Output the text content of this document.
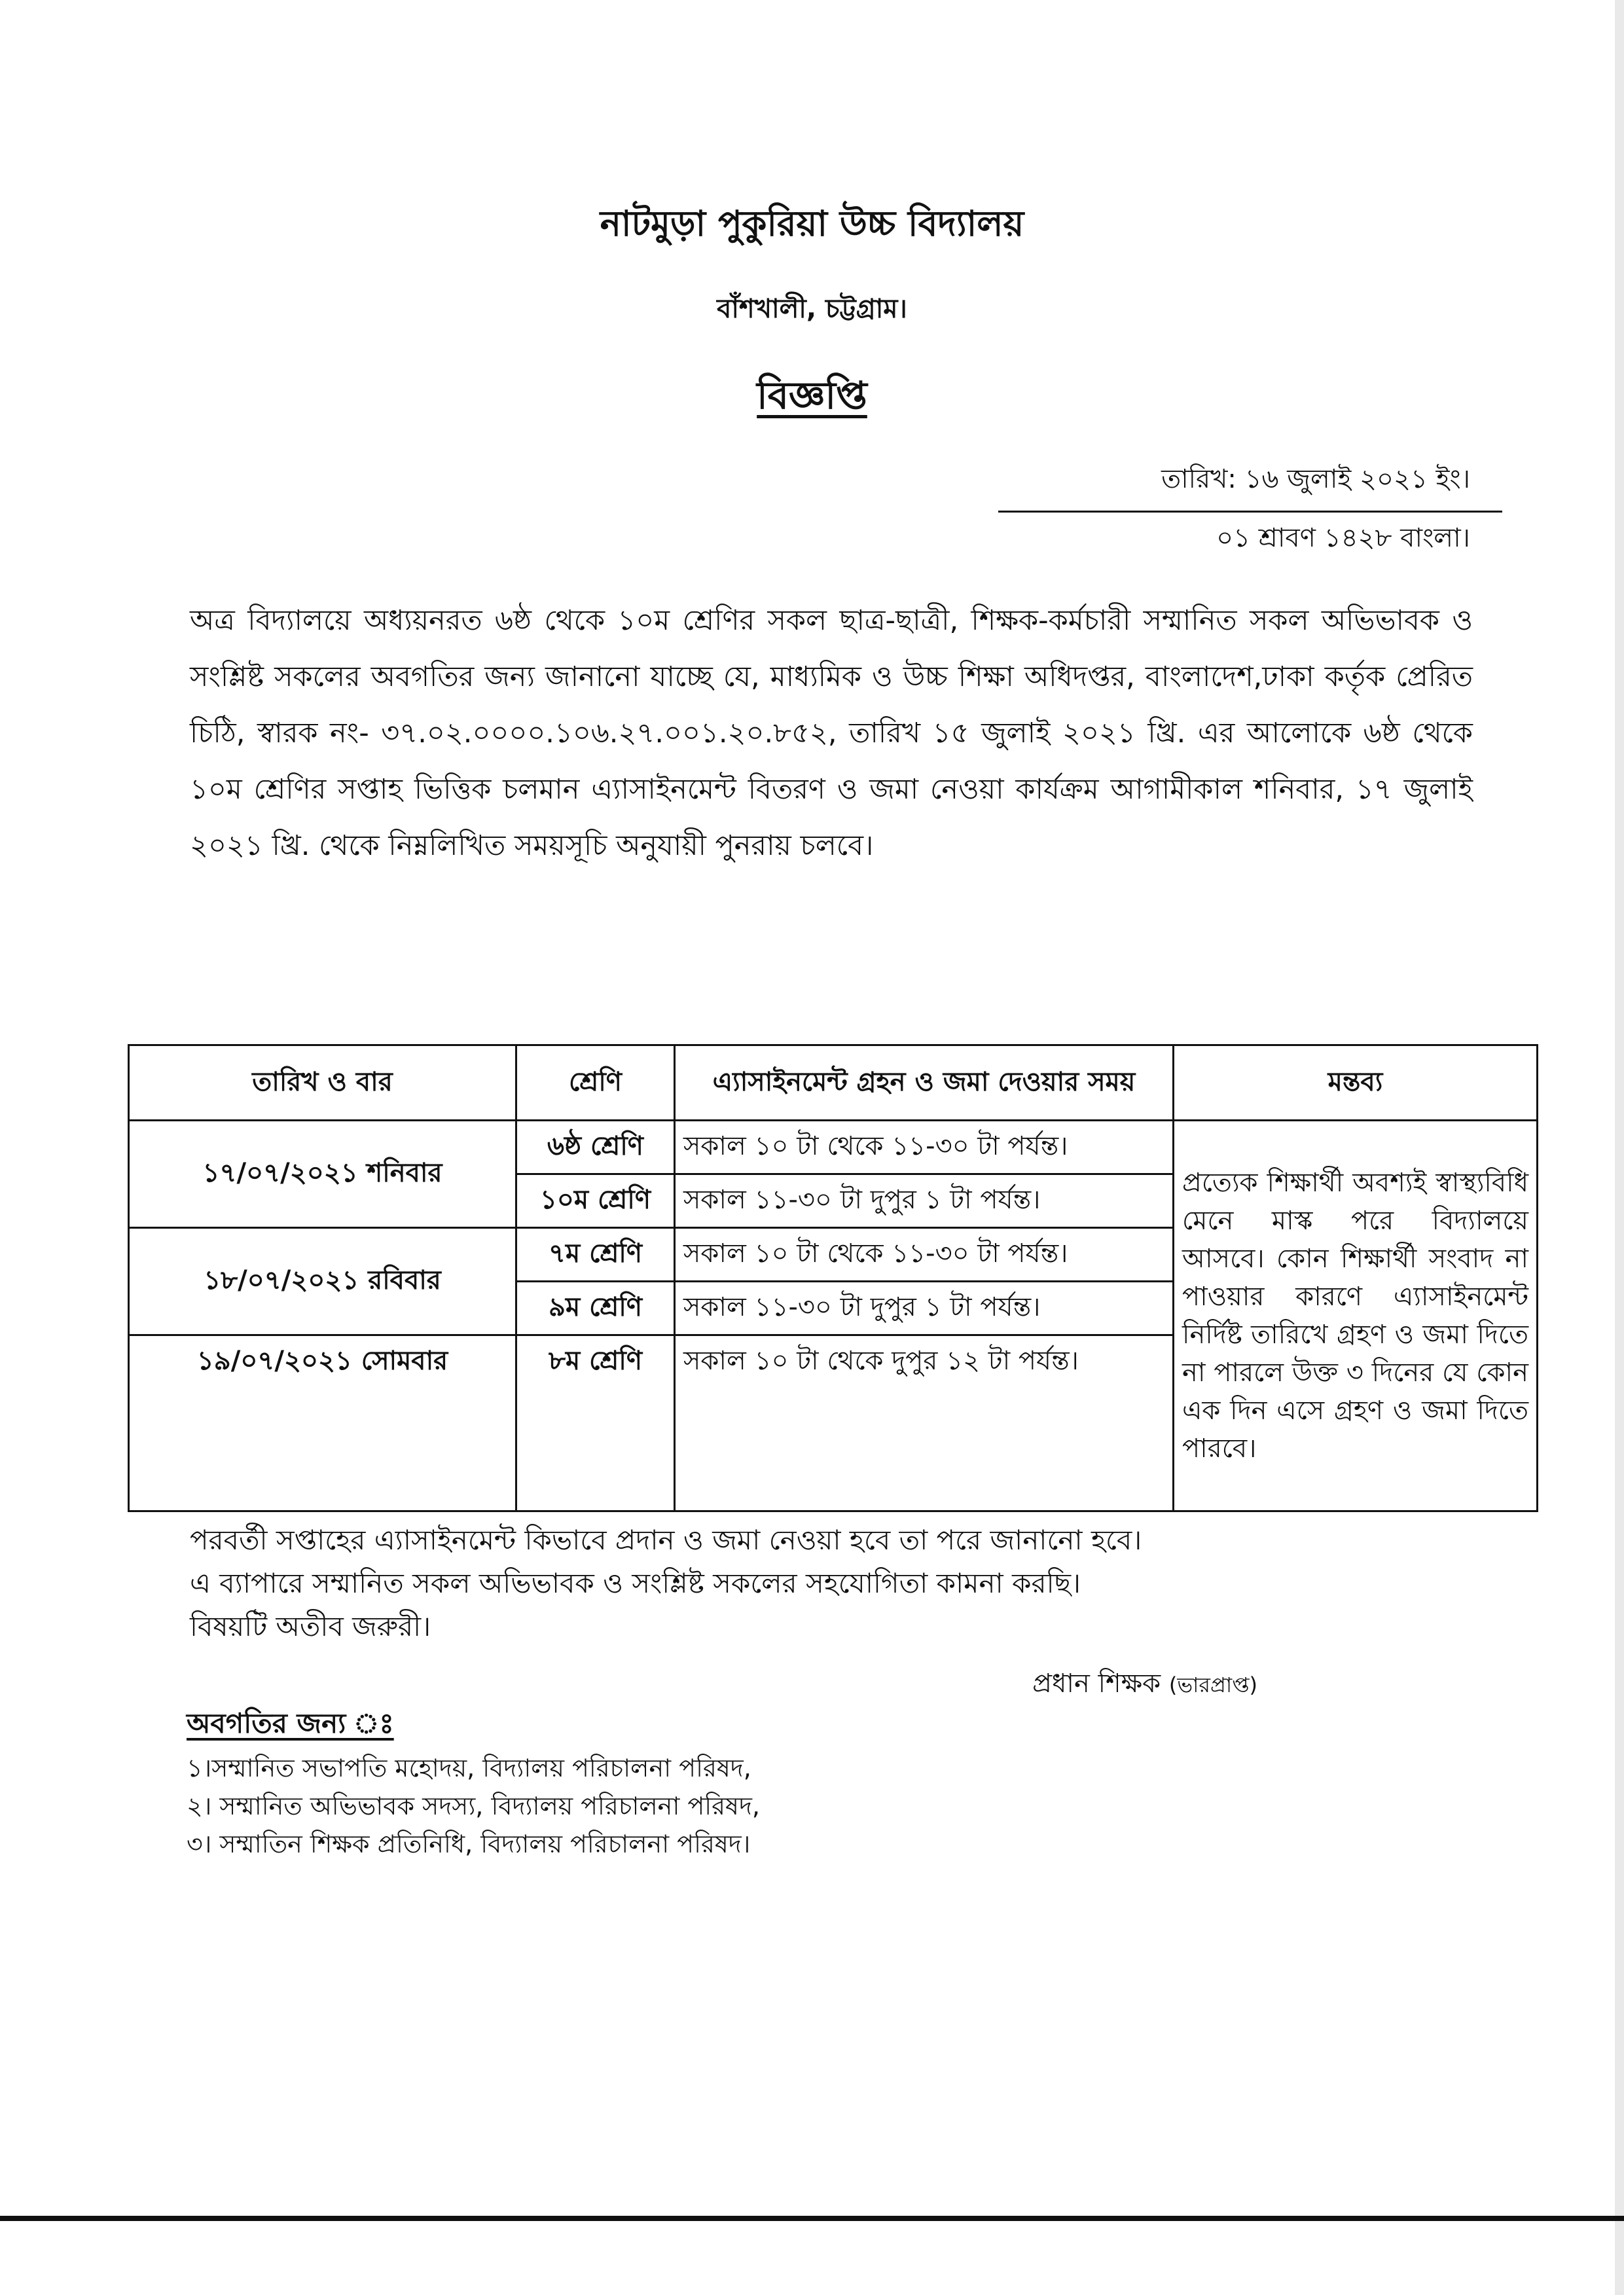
নাটমুড়া পুকুরিয়া উচ্চ বিদ্যালয়
বাঁশখালী, চট্টগ্রাম।
বিজ্ঞপ্তি
তারিখ: ১৬ জুলাই ২০২১ ইং।
০১ শ্রাবণ ১৪২৮ বাংলা।
অত্র বিদ্যালয়ে অধ্যয়নরত ৬ষ্ঠ থেকে ১০ম শ্রেণির সকল ছাত্র-ছাত্রী, শিক্ষক-কর্মচারী সম্মানিত সকল অভিভাবক ও সংশ্লিষ্ট সকলের অবগতির জন্য জানানো যাচ্ছে যে, মাধ্যমিক ও উচ্চ শিক্ষা অধিদপ্তর, বাংলাদেশ,ঢাকা কর্তৃক প্রেরিত চিঠি, স্বারক নং- ৩৭.০২.০০০০.১০৬.২৭.০০১.২০.৮৫২, তারিখ ১৫ জুলাই ২০২১ খ্রি. এর আলোকে ৬ষ্ঠ থেকে ১০ম শ্রেণির সপ্তাহ ভিত্তিক চলমান এ্যাসাইনমেন্ট বিতরণ ও জমা নেওয়া কার্যক্রম আগামীকাল শনিবার, ১৭ জুলাই ২০২১ খ্রি. থেকে নিম্নলিখিত সময়সূচি অনুযায়ী পুনরায় চলবে।
তারিখ ও বার	শ্রেণি	এ্যাসাইনমেন্ট গ্রহন ও জমা দেওয়ার সময়	মন্তব্য
১৭/০৭/২০২১ শনিবার	৬ষ্ঠ শ্রেণি	সকাল ১০ টা থেকে ১১-৩০ টা পর্যন্ত।	প্রত্যেক শিক্ষার্থী অবশ্যই স্বাস্থ্যবিধি মেনে মাস্ক পরে বিদ্যালয়ে আসবে। কোন শিক্ষার্থী সংবাদ না পাওয়ার কারণে এ্যাসাইনমেন্ট নির্দিষ্ট তারিখে গ্রহণ ও জমা দিতে না পারলে উক্ত ৩ দিনের যে কোন এক দিন এসে গ্রহণ ও জমা দিতে পারবে।
	১০ম শ্রেণি	সকাল ১১-৩০ টা দুপুর ১ টা পর্যন্ত।	
১৮/০৭/২০২১ রবিবার	৭ম শ্রেণি	সকাল ১০ টা থেকে ১১-৩০ টা পর্যন্ত।	
	৯ম শ্রেণি	সকাল ১১-৩০ টা দুপুর ১ টা পর্যন্ত।	
১৯/০৭/২০২১ সোমবার	৮ম শ্রেণি	সকাল ১০ টা থেকে দুপুর ১২ টা পর্যন্ত।	

পরবর্তী সপ্তাহের এ্যাসাইনমেন্ট কিভাবে প্রদান ও জমা নেওয়া হবে তা পরে জানানো হবে।
এ ব্যাপারে সম্মানিত সকল অভিভাবক ও সংশ্লিষ্ট সকলের সহযোগিতা কামনা করছি।
বিষয়টি অতীব জরুরী।
প্রধান শিক্ষক (ভারপ্রাপ্ত)
অবগতির জন্য ঃ
১।সম্মানিত সভাপতি মহোদয়, বিদ্যালয় পরিচালনা পরিষদ,
২। সম্মানিত অভিভাবক সদস্য, বিদ্যালয় পরিচালনা পরিষদ,
৩। সম্মাতিন শিক্ষক প্রতিনিধি, বিদ্যালয় পরিচালনা পরিষদ।
